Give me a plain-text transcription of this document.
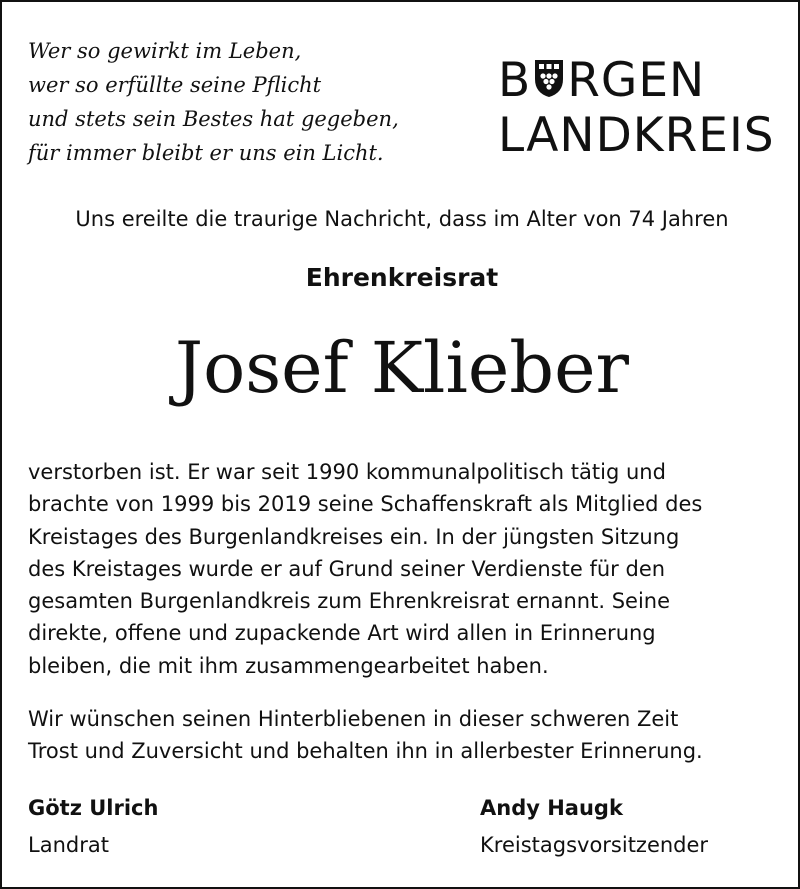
Wer so gewirkt im Leben,
wer so erfüllte seine Pflicht
und stets sein Bestes hat gegeben,
für immer bleibt er uns ein Licht.
B RGEN
LANDKREIS
Uns ereilte die traurige Nachricht, dass im Alter von 74 Jahren
Ehrenkreisrat
Josef Klieber
verstorben ist. Er war seit 1990 kommunalpolitisch tätig und
brachte von 1999 bis 2019 seine Schaffenskraft als Mitglied des
Kreistages des Burgenlandkreises ein. In der jüngsten Sitzung
des Kreistages wurde er auf Grund seiner Verdienste für den
gesamten Burgenlandkreis zum Ehrenkreisrat ernannt. Seine
direkte, offene und zupackende Art wird allen in Erinnerung
bleiben, die mit ihm zusammengearbeitet haben.
Wir wünschen seinen Hinterbliebenen in dieser schweren Zeit
Trost und Zuversicht und behalten ihn in allerbester Erinnerung.
Götz Ulrich
Landrat
Andy Haugk
Kreistagsvorsitzender
